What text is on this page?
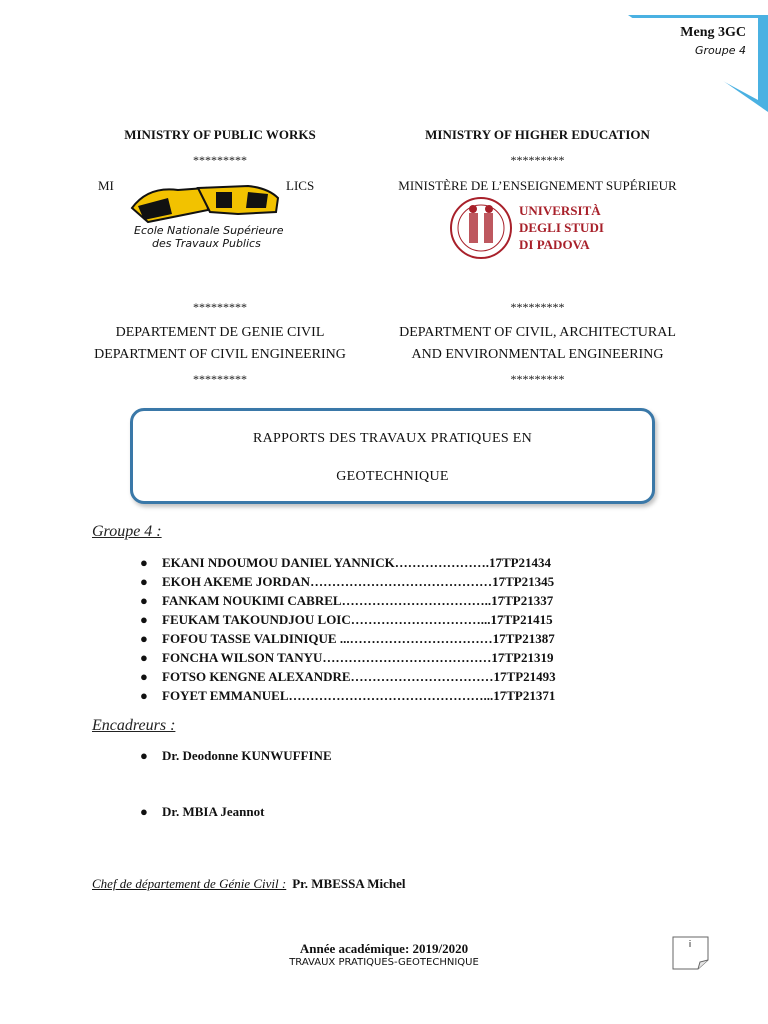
Meng 3GC
Groupe 4
MINISTRY OF PUBLIC WORKS
*********
MI	LICS
*********
DEPARTEMENT DE GENIE CIVIL
DEPARTMENT OF CIVIL ENGINEERING
*********
Ecole Nationale Supérieure
des Travaux Publics
MINISTRY OF HIGHER EDUCATION
*********
MINISTÈRE DE L’ENSEIGNEMENT SUPÉRIEUR
*********
DEPARTMENT OF CIVIL, ARCHITECTURAL
AND ENVIRONMENTAL ENGINEERING
*********
UNIVERSITÀ
DEGLI STUDI
DI PADOVA
RAPPORTS DES TRAVAUX PRATIQUES EN
GEOTECHNIQUE
Groupe 4 :
● EKANI NDOUMOU DANIEL YANNICK………………….17TP21434
● EKOH AKEME JORDAN……………………………………17TP21345
● FANKAM NOUKIMI CABREL……………………………..17TP21337
● FEUKAM TAKOUNDJOU LOIC…………………………...17TP21415
● FOFOU TASSE VALDINIQUE ...……………………………17TP21387
● FONCHA WILSON TANYU…………………………………17TP21319
● FOTSO KENGNE ALEXANDRE……………………………17TP21493
● FOYET EMMANUEL………………………………………...17TP21371
Encadreurs :
● Dr. Deodonne KUNWUFFINE
● Dr. MBIA Jeannot
Chef de département de Génie Civil : Pr. MBESSA Michel
Année académique: 2019/2020
TRAVAUX PRATIQUES-GEOTECHNIQUE
i
